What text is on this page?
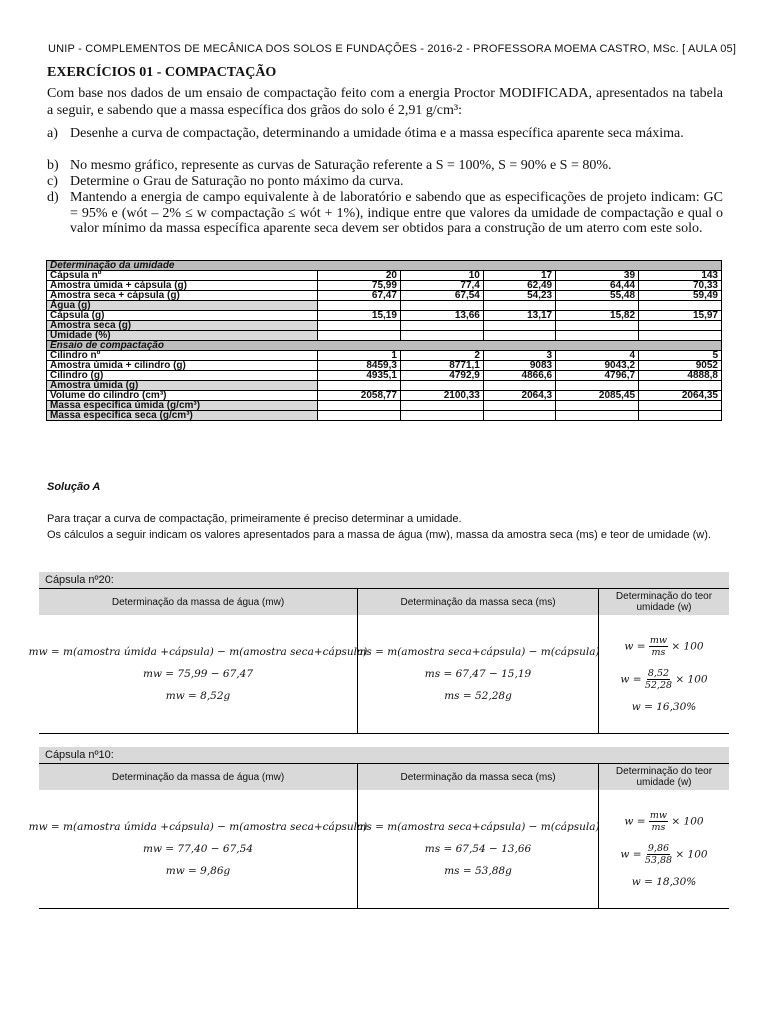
UNIP - COMPLEMENTOS DE MECÂNICA DOS SOLOS E FUNDAÇÕES - 2016-2 - PROFESSORA MOEMA CASTRO, MSc. [ AULA 05]
EXERCÍCIOS 01 - COMPACTAÇÃO
Com base nos dados de um ensaio de compactação feito com a energia Proctor MODIFICADA, apresentados na tabela a seguir, e sabendo que a massa específica dos grãos do solo é 2,91 g/cm³:
a) Desenhe a curva de compactação, determinando a umidade ótima e a massa específica aparente seca máxima.
b) No mesmo gráfico, represente as curvas de Saturação referente a S = 100%, S = 90% e S = 80%.
c) Determine o Grau de Saturação no ponto máximo da curva.
d) Mantendo a energia de campo equivalente à de laboratório e sabendo que as especificações de projeto indicam: GC = 95% e (wót – 2% ≤ w compactação ≤ wót + 1%), indique entre que valores da umidade de compactação e qual o valor mínimo da massa específica aparente seca devem ser obtidos para a construção de um aterro com este solo.
Determinação da umidade					
Cápsula nº	20	10	17	39	143
Amostra úmida + cápsula (g)	75,99	77,4	62,49	64,44	70,33
Amostra seca + cápsula (g)	67,47	67,54	54,23	55,48	59,49
Água (g)					
Cápsula (g)	15,19	13,66	13,17	15,82	15,97
Amostra seca (g)					
Umidade (%)					
Ensaio de compactação					
Cilindro nº	1	2	3	4	5
Amostra úmida + cilindro (g)	8459,3	8771,1	9083	9043,2	9052
Cilindro (g)	4935,1	4792,9	4866,6	4796,7	4888,8
Amostra úmida (g)					
Volume do cilindro (cm³)	2058,77	2100,33	2064,3	2085,45	2064,35
Massa específica úmida (g/cm³)					
Massa específica seca (g/cm³)					
Solução A
Para traçar a curva de compactação, primeiramente é preciso determinar a umidade.
Os cálculos a seguir indicam os valores apresentados para a massa de água (mw), massa da amostra seca (ms) e teor de umidade (w).
Cápsula nº20:
Determinação da massa de água (mw)
mw = m(amostra úmida +cápsula) − m(amostra seca+cápsula)
mw = 75,99 − 67,47
mw = 8,52g
Determinação da massa seca (ms)
ms = m(amostra seca+cápsula) − m(cápsula)
ms = 67,47 − 15,19
ms = 52,28g
Determinação do teor umidade (w)
$w = \frac{mw}{ms} \times 100$
$w = \frac{8,52}{52,28} \times 100$
w = 16,30%
Cápsula nº10:
Determinação da massa de água (mw)
mw = m(amostra úmida +cápsula) − m(amostra seca+cápsula)
mw = 77,40 − 67,54
mw = 9,86g
Determinação da massa seca (ms)
ms = m(amostra seca+cápsula) − m(cápsula)
ms = 67,54 − 13,66
ms = 53,88g
Determinação do teor umidade (w)
$w = \frac{mw}{ms} \times 100$
$w = \frac{9,86}{53,88} \times 100$
w = 18,30%
